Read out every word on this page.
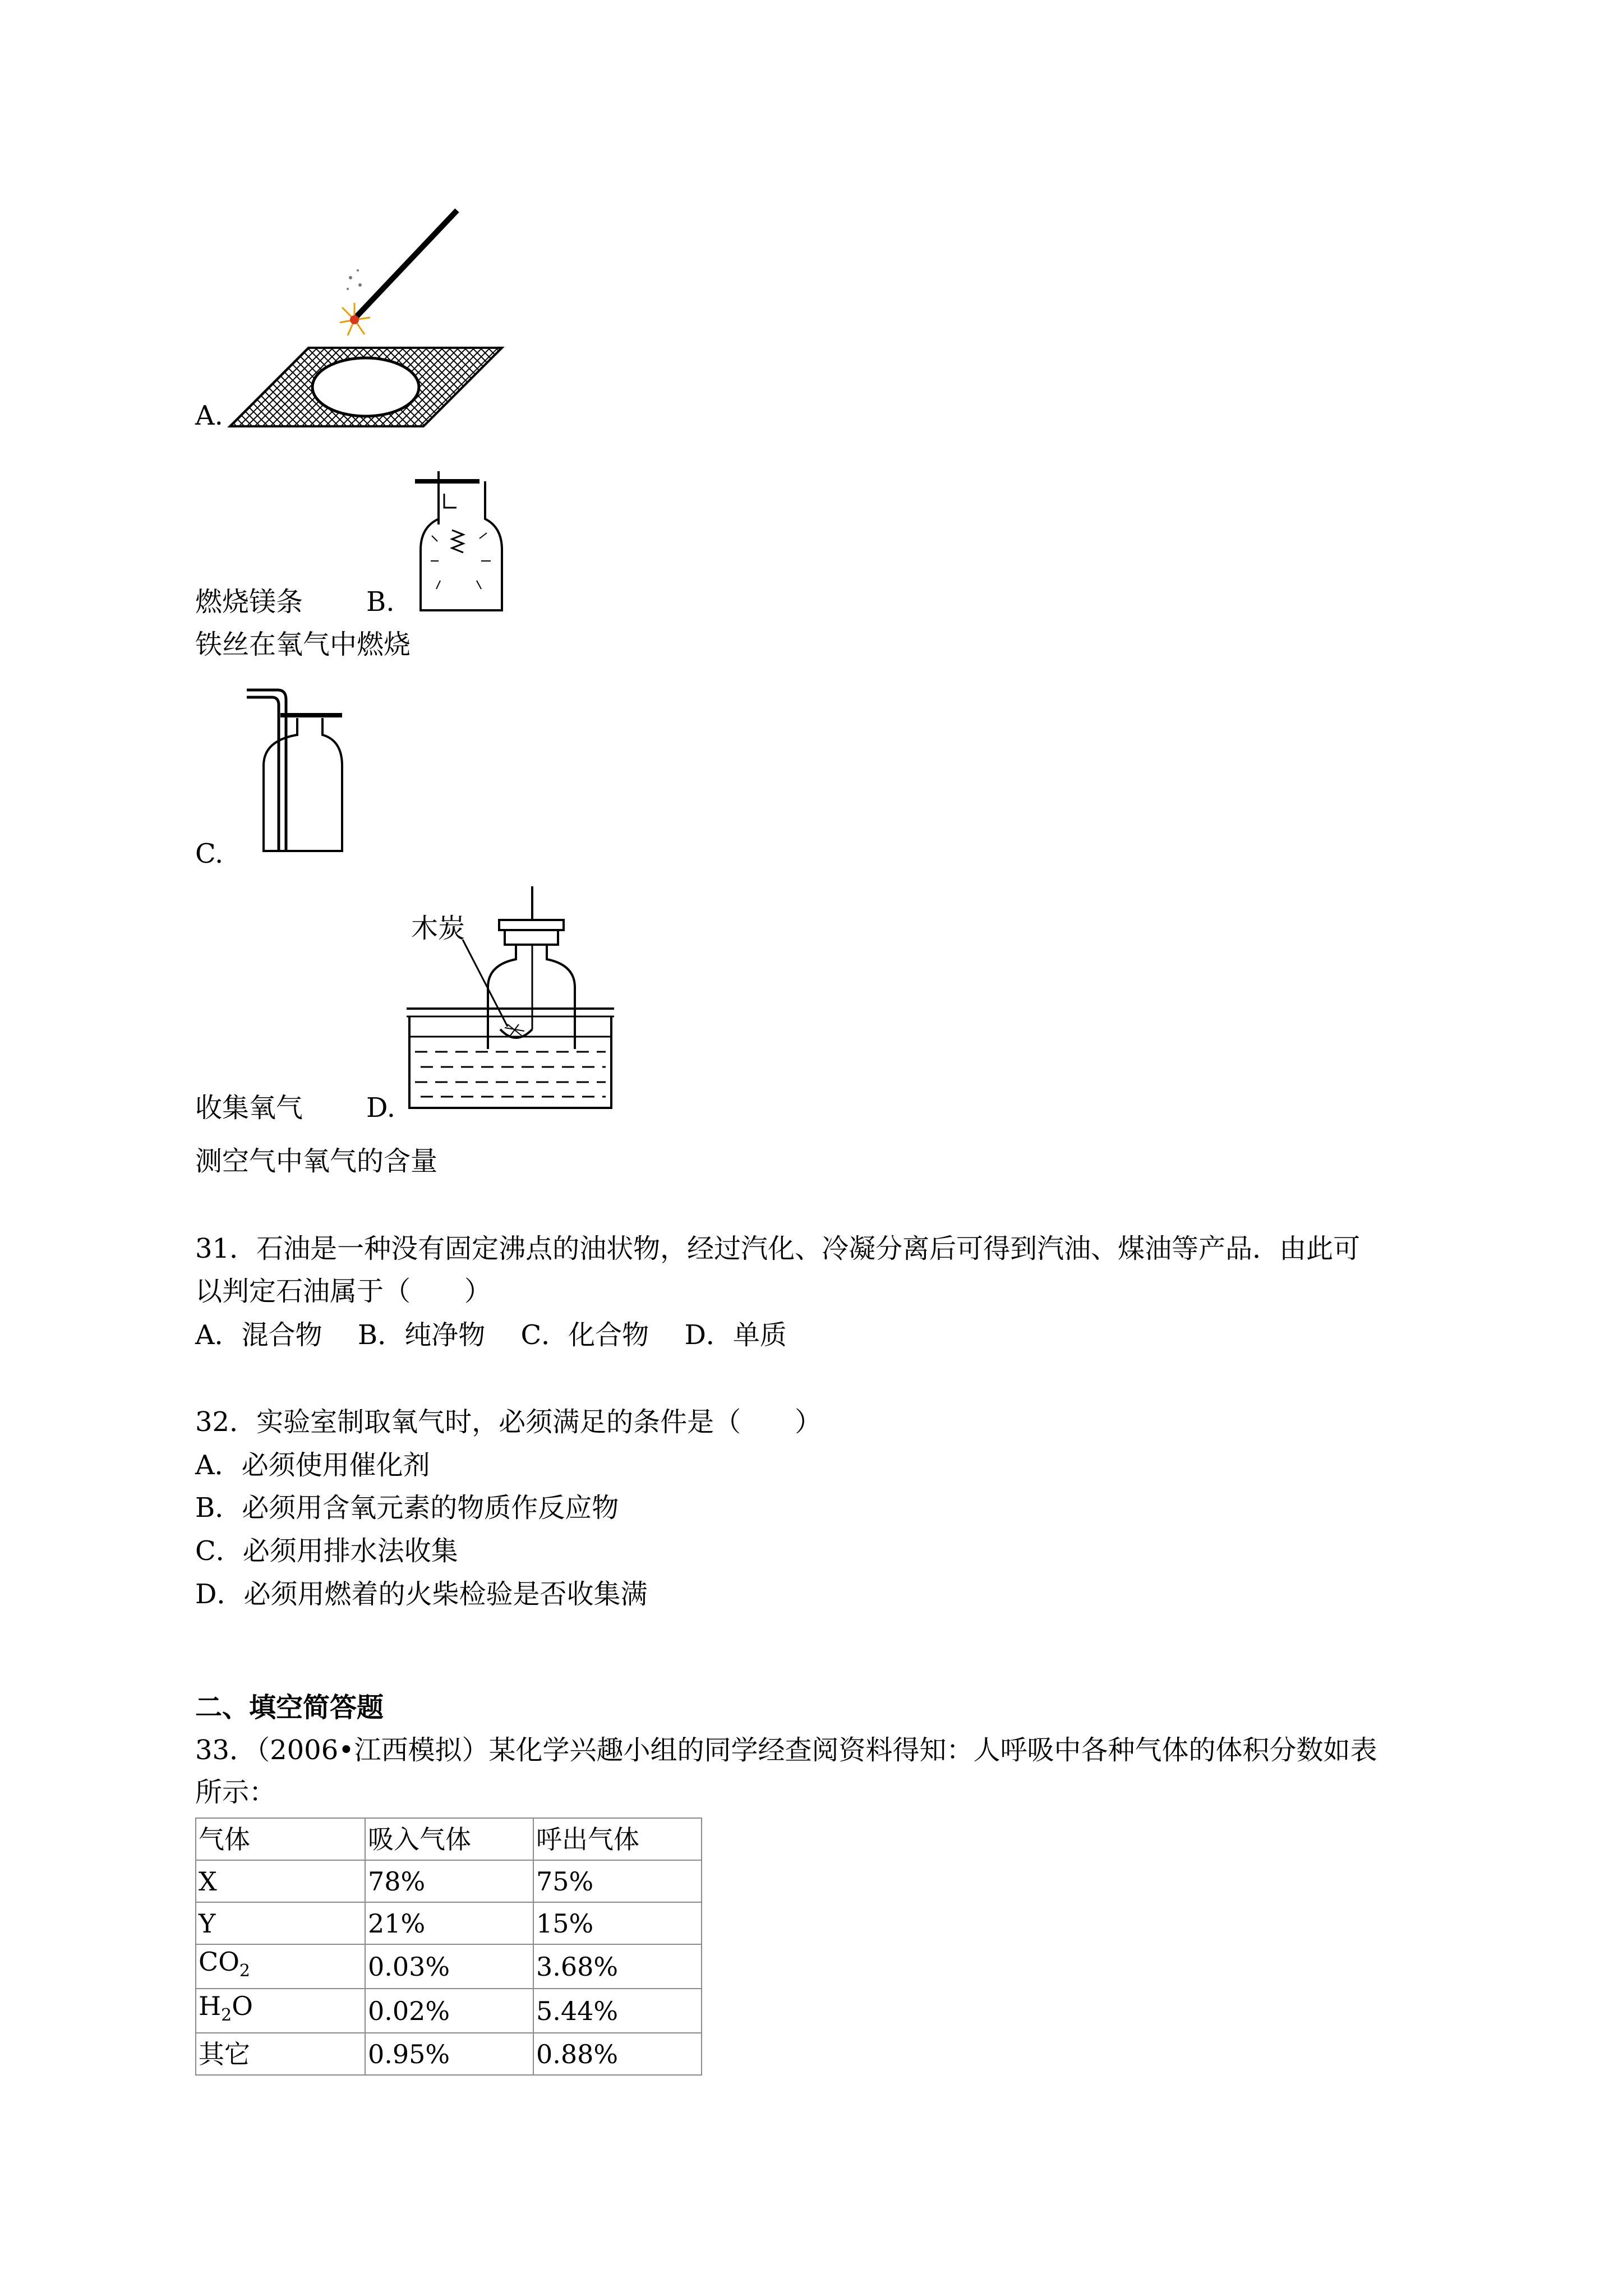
A.
燃烧镁条 B.
铁丝在氧气中燃烧
C.
收集氧气
木炭
D.
测空气中氧气的含量
31．石油是一种没有固定沸点的油状物，经过汽化、冷凝分离后可得到汽油、煤油等产品．由此可
以判定石油属于（　　）
A．混合物　 B．纯净物　 C．化合物　 D．单质
32．实验室制取氧气时，必须满足的条件是（　　）
A．必须使用催化剂
B．必须用含氧元素的物质作反应物
C．必须用排水法收集
D．必须用燃着的火柴检验是否收集满
二、填空简答题
33．（2006•江西模拟）某化学兴趣小组的同学经查阅资料得知：人呼吸中各种气体的体积分数如表
所示：
气体	吸入气体	呼出气体
X	78%	75%
Y	21%	15%
$CO_2$	0.03%	3.68%
$H_2O$	0.02%	5.44%
其它	0.95%	0.88%
